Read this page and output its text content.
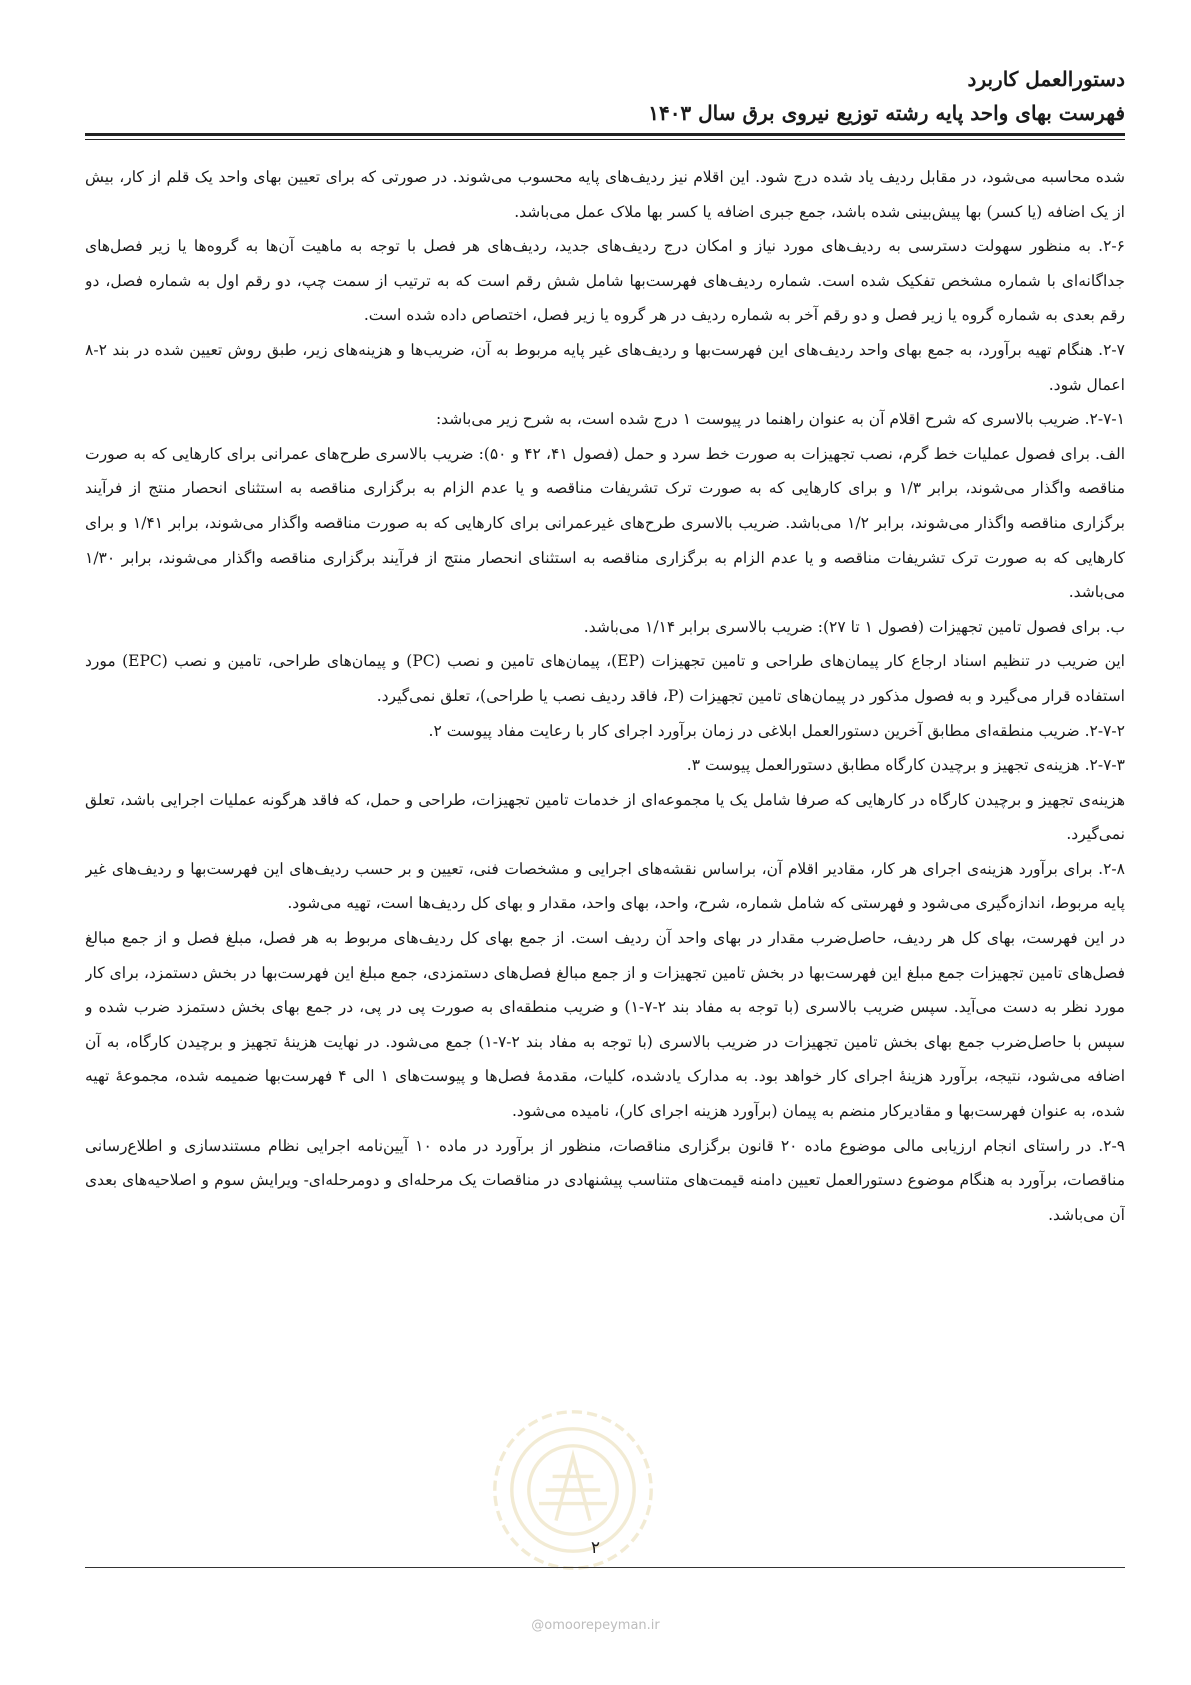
دستورالعمل کاربرد

فهرست بهای واحد پایه رشته توزیع نیروی برق سال ۱۴۰۳

شده محاسبه می‌شود، در مقابل ردیف یاد شده درج شود. این اقلام نیز ردیف‌های پایه محسوب می‌شوند. در صورتی که برای تعیین بهای واحد یک قلم از کار، بیش از یک اضافه (یا کسر) بها پیش‌بینی شده باشد، جمع جبری اضافه یا کسر بها ملاک عمل می‌باشد.

۲-۶. به منظور سهولت دسترسی به ردیف‌های مورد نیاز و امکان درج ردیف‌های جدید، ردیف‌های هر فصل با توجه به ماهیت آن‌ها به گروه‌ها یا زیر فصل‌های جداگانه‌ای با شماره مشخص تفکیک شده است. شماره ردیف‌های فهرست‌بها شامل شش رقم است که به ترتیب از سمت چپ، دو رقم اول به شماره فصل، دو رقم بعدی به شماره گروه یا زیر فصل و دو رقم آخر به شماره ردیف در هر گروه یا زیر فصل، اختصاص داده شده است.

۲-۷. هنگام تهیه برآورد، به جمع بهای واحد ردیف‌های این فهرست‌بها و ردیف‌های غیر پایه مربوط به آن، ضریب‌ها و هزینه‌های زیر، طبق روش تعیین شده در بند ۲-۸ اعمال شود.

۲-۷-۱. ضریب بالاسری که شرح اقلام آن به عنوان راهنما در پیوست ۱ درج شده است، به شرح زیر می‌باشد:

الف. برای فصول عملیات خط گرم، نصب تجهیزات به صورت خط سرد و حمل (فصول ۴۱، ۴۲ و ۵۰): ضریب بالاسری طرح‌های عمرانی برای کارهایی که به صورت مناقصه واگذار می‌شوند، برابر ۱/۳ و برای کارهایی که به صورت ترک تشریفات مناقصه و یا عدم الزام به برگزاری مناقصه به استثنای انحصار منتج از فرآیند برگزاری مناقصه واگذار می‌شوند، برابر ۱/۲ می‌باشد. ضریب بالاسری طرح‌های غیرعمرانی برای کارهایی که به صورت مناقصه واگذار می‌شوند، برابر ۱/۴۱ و برای کارهایی که به صورت ترک تشریفات مناقصه و یا عدم الزام به برگزاری مناقصه به استثنای انحصار منتج از فرآیند برگزاری مناقصه واگذار می‌شوند، برابر ۱/۳۰ می‌باشد.

ب. برای فصول تامین تجهیزات (فصول ۱ تا ۲۷): ضریب بالاسری برابر ۱/۱۴ می‌باشد.

این ضریب در تنظیم اسناد ارجاع کار پیمان‌های طراحی و تامین تجهیزات (EP)، پیمان‌های تامین و نصب (PC) و پیمان‌های طراحی، تامین و نصب (EPC) مورد استفاده قرار می‌گیرد و به فصول مذکور در پیمان‌های تامین تجهیزات (P، فاقد ردیف نصب یا طراحی)، تعلق نمی‌گیرد.

۲-۷-۲. ضریب منطقه‌ای مطابق آخرین دستورالعمل ابلاغی در زمان برآورد اجرای کار با رعایت مفاد پیوست ۲.

۲-۷-۳. هزینه‌ی تجهیز و برچیدن کارگاه مطابق دستورالعمل پیوست ۳.

هزینه‌ی تجهیز و برچیدن کارگاه در کارهایی که صرفا شامل یک یا مجموعه‌ای از خدمات تامین تجهیزات، طراحی و حمل، که فاقد هرگونه عملیات اجرایی باشد، تعلق نمی‌گیرد.

۲-۸. برای برآورد هزینه‌ی اجرای هر کار، مقادیر اقلام آن، براساس نقشه‌های اجرایی و مشخصات فنی، تعیین و بر حسب ردیف‌های این فهرست‌بها و ردیف‌های غیر پایه مربوط، اندازه‌گیری می‌شود و فهرستی که شامل شماره، شرح، واحد، بهای واحد، مقدار و بهای کل ردیف‌ها است، تهیه می‌شود.

در این فهرست، بهای کل هر ردیف، حاصل‌ضرب مقدار در بهای واحد آن ردیف است. از جمع بهای کل ردیف‌های مربوط به هر فصل، مبلغ فصل و از جمع مبالغ فصل‌های تامین تجهیزات جمع مبلغ این فهرست‌بها در بخش تامین تجهیزات و از جمع مبالغ فصل‌های دستمزدی، جمع مبلغ این فهرست‌بها در بخش دستمزد، برای کار مورد نظر به دست می‌آید. سپس ضریب بالاسری (با توجه به مفاد بند ۲-۷-۱) و ضریب منطقه‌ای به صورت پی در پی، در جمع بهای بخش دستمزد ضرب شده و سپس با حاصل‌ضرب جمع بهای بخش تامین تجهیزات در ضریب بالاسری (با توجه به مفاد بند ۲-۷-۱) جمع می‌شود. در نهایت هزینهٔ تجهیز و برچیدن کارگاه، به آن اضافه می‌شود، نتیجه، برآورد هزینهٔ اجرای کار خواهد بود. به مدارک یادشده، کلیات، مقدمهٔ فصل‌ها و پیوست‌های ۱ الی ۴ فهرست‌بها ضمیمه شده، مجموعهٔ تهیه شده، به عنوان فهرست‌بها و مقادیرکار منضم به پیمان (برآورد هزینه اجرای کار)، نامیده می‌شود.

۲-۹. در راستای انجام ارزیابی مالی موضوع ماده ۲۰ قانون برگزاری مناقصات، منظور از برآورد در ماده ۱۰ آیین‌نامه اجرایی نظام مستندسازی و اطلاع‌رسانی مناقصات، برآورد به هنگام موضوع دستورالعمل تعیین دامنه قیمت‌های متناسب پیشنهادی در مناقصات یک مرحله‌ای و دومرحله‌ای- ویرایش سوم و اصلاحیه‌های بعدی آن می‌باشد.

۲
@omoorepeyman.ir
